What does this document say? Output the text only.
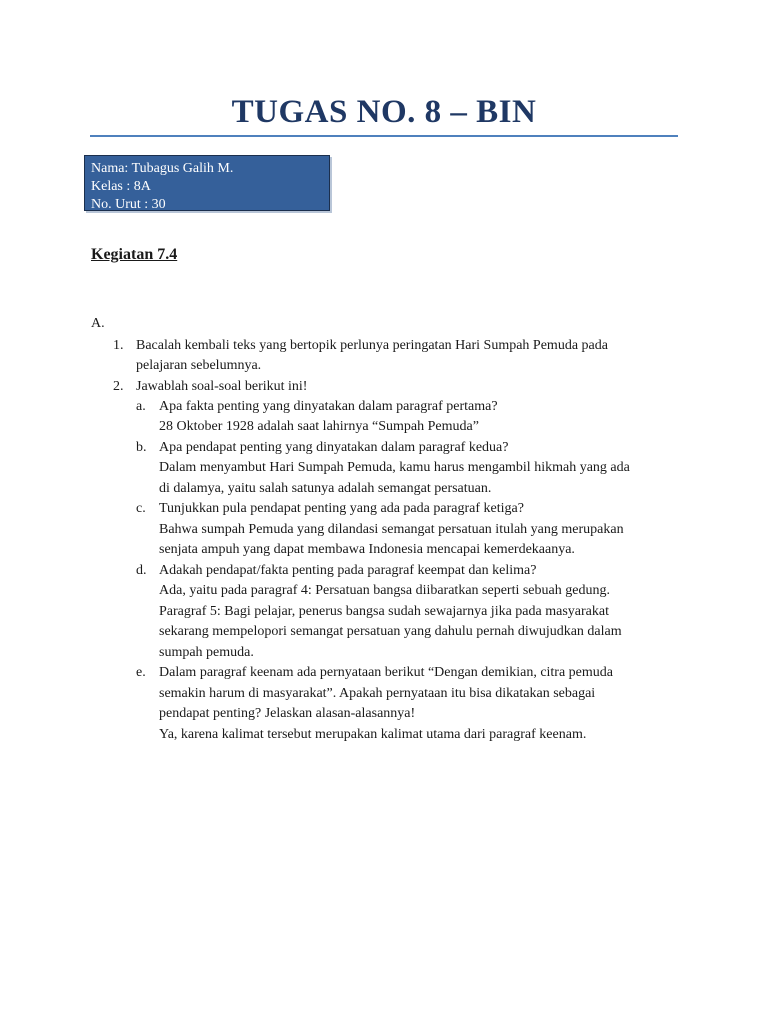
TUGAS NO. 8 – BIN
Nama: Tubagus Galih M.
Kelas : 8A
No. Urut : 30
Kegiatan 7.4
A.
1. Bacalah kembali teks yang bertopik perlunya peringatan Hari Sumpah Pemuda pada
pelajaran sebelumnya.
2. Jawablah soal-soal berikut ini!
a. Apa fakta penting yang dinyatakan dalam paragraf pertama?
28 Oktober 1928 adalah saat lahirnya “Sumpah Pemuda”
b. Apa pendapat penting yang dinyatakan dalam paragraf kedua?
Dalam menyambut Hari Sumpah Pemuda, kamu harus mengambil hikmah yang ada
di dalamya, yaitu salah satunya adalah semangat persatuan.
c. Tunjukkan pula pendapat penting yang ada pada paragraf ketiga?
Bahwa sumpah Pemuda yang dilandasi semangat persatuan itulah yang merupakan
senjata ampuh yang dapat membawa Indonesia mencapai kemerdekaanya.
d. Adakah pendapat/fakta penting pada paragraf keempat dan kelima?
Ada, yaitu pada paragraf 4: Persatuan bangsa diibaratkan seperti sebuah gedung.
Paragraf 5: Bagi pelajar, penerus bangsa sudah sewajarnya jika pada masyarakat
sekarang mempelopori semangat persatuan yang dahulu pernah diwujudkan dalam
sumpah pemuda.
e. Dalam paragraf keenam ada pernyataan berikut “Dengan demikian, citra pemuda
semakin harum di masyarakat”. Apakah pernyataan itu bisa dikatakan sebagai
pendapat penting? Jelaskan alasan-alasannya!
Ya, karena kalimat tersebut merupakan kalimat utama dari paragraf keenam.
